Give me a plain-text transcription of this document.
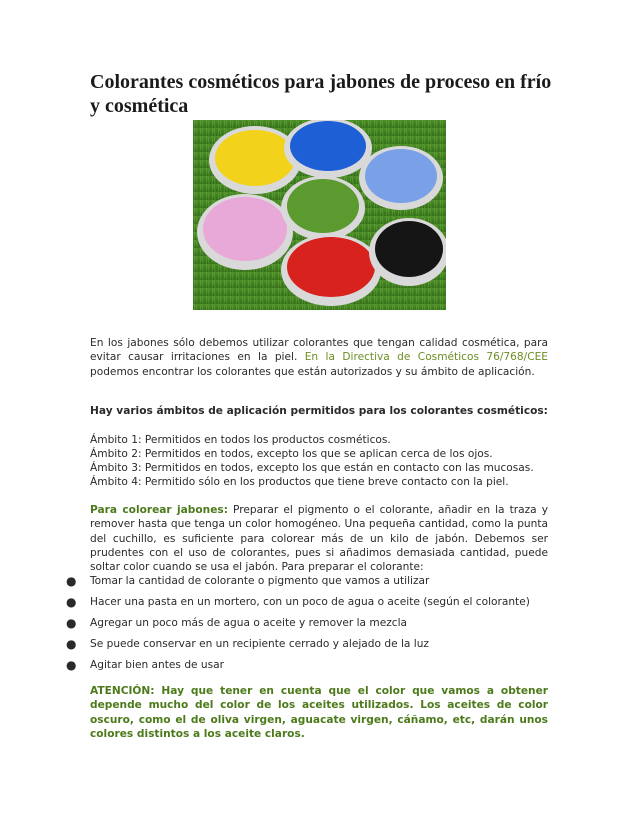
Colorantes cosméticos para jabones de proceso en frío y cosmética

En los jabones sólo debemos utilizar colorantes que tengan calidad cosmética, para evitar causar irritaciones en la piel. En la Directiva de Cosméticos 76/768/CEE podemos encontrar los colorantes que están autorizados y su ámbito de aplicación.

Hay varios ámbitos de aplicación permitidos para los colorantes cosméticos:

Ámbito 1: Permitidos en todos los productos cosméticos.
Ámbito 2: Permitidos en todos, excepto los que se aplican cerca de los ojos.
Ámbito 3: Permitidos en todos, excepto los que están en contacto con las mucosas.
Ámbito 4: Permitido sólo en los productos que tiene breve contacto con la piel.

Para colorear jabones: Preparar el pigmento o el colorante, añadir en la traza y remover hasta que tenga un color homogéneo. Una pequeña cantidad, como la punta del cuchillo, es suficiente para colorear más de un kilo de jabón. Debemos ser prudentes con el uso de colorantes, pues si añadimos demasiada cantidad, puede soltar color cuando se usa el jabón. Para preparar el colorante:

●	Tomar la cantidad de colorante o pigmento que vamos a utilizar
●	Hacer una pasta en un mortero, con un poco de agua o aceite (según el colorante)
●	Agregar un poco más de agua o aceite y remover la mezcla
●	Se puede conservar en un recipiente cerrado y alejado de la luz
●	Agitar bien antes de usar

ATENCIÓN: Hay que tener en cuenta que el color que vamos a obtener depende mucho del color de los aceites utilizados. Los aceites de color oscuro, como el de oliva virgen, aguacate virgen, cáñamo, etc, darán unos colores distintos a los aceite claros.
